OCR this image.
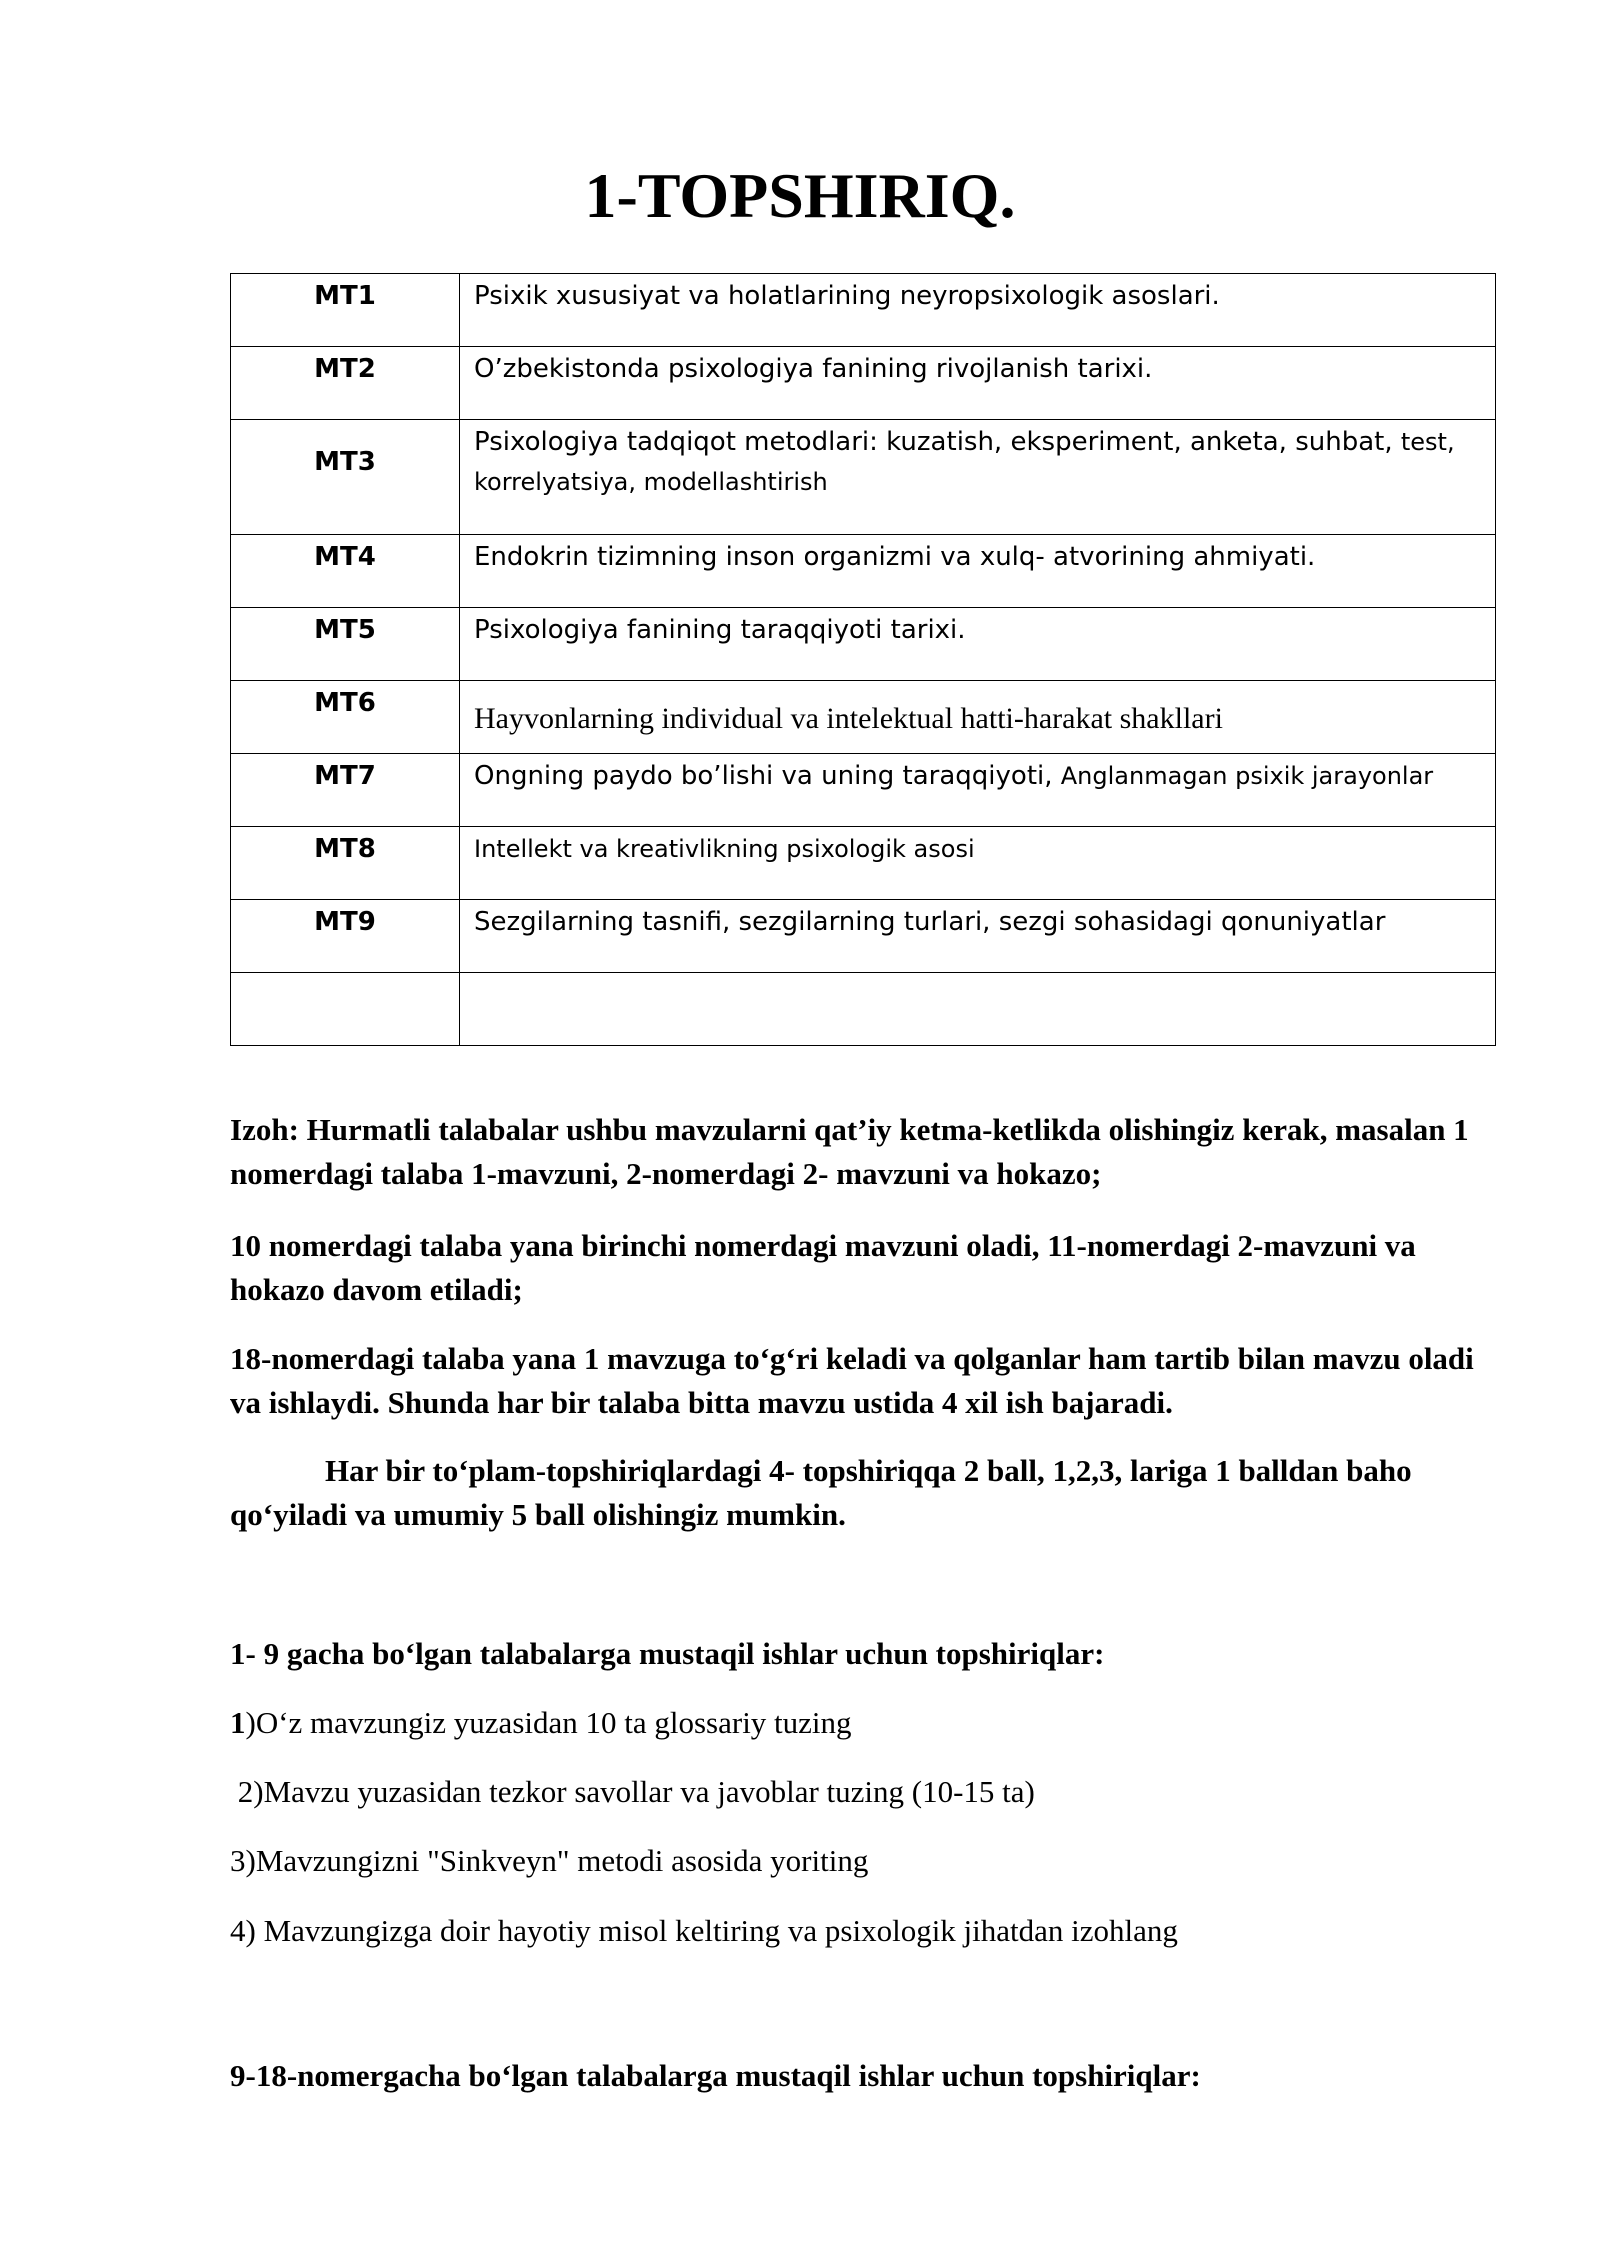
1-TOPSHIRIQ.
MT1	Psixik xususiyat va holatlarining neyropsixologik asoslari.
MT2	O’zbekistonda psixologiya fanining rivojlanish tarixi.
MT3	Psixologiya tadqiqot metodlari: kuzatish, eksperiment, anketa, suhbat, test, korrelyatsiya, modellashtirish
MT4	Endokrin tizimning inson organizmi va xulq- atvorining ahmiyati.
MT5	Psixologiya fanining taraqqiyoti tarixi.
MT6	Hayvonlarning individual va intelektual hatti-harakat shakllari
MT7	Ongning paydo bo’lishi va uning taraqqiyoti, Anglanmagan psixik jarayonlar
MT8	Intellekt va kreativlikning psixologik asosi
MT9	Sezgilarning tasnifi, sezgilarning turlari, sezgi sohasidagi qonuniyatlar

Izoh: Hurmatli talabalar ushbu mavzularni qat’iy ketma-ketlikda olishingiz kerak, masalan 1 nomerdagi talaba 1-mavzuni, 2-nomerdagi 2- mavzuni va hokazo;
10 nomerdagi talaba yana birinchi nomerdagi mavzuni oladi, 11-nomerdagi 2-mavzuni va hokazo davom etiladi;
18-nomerdagi talaba yana 1 mavzuga to‘g‘ri keladi va qolganlar ham tartib bilan mavzu oladi va ishlaydi. Shunda har bir talaba bitta mavzu ustida 4 xil ish bajaradi.
Har bir to‘plam-topshiriqlardagi 4- topshiriqqa 2 ball, 1,2,3, lariga 1 balldan baho qo‘yiladi va umumiy 5 ball olishingiz mumkin.
1- 9 gacha bo‘lgan talabalarga mustaqil ishlar uchun topshiriqlar:
1)O‘z mavzungiz yuzasidan 10 ta glossariy tuzing
2)Mavzu yuzasidan tezkor savollar va javoblar tuzing (10-15 ta)
3)Mavzungizni "Sinkveyn" metodi asosida yoriting
4) Mavzungizga doir hayotiy misol keltiring va psixologik jihatdan izohlang
9-18-nomergacha bo‘lgan talabalarga mustaqil ishlar uchun topshiriqlar:
